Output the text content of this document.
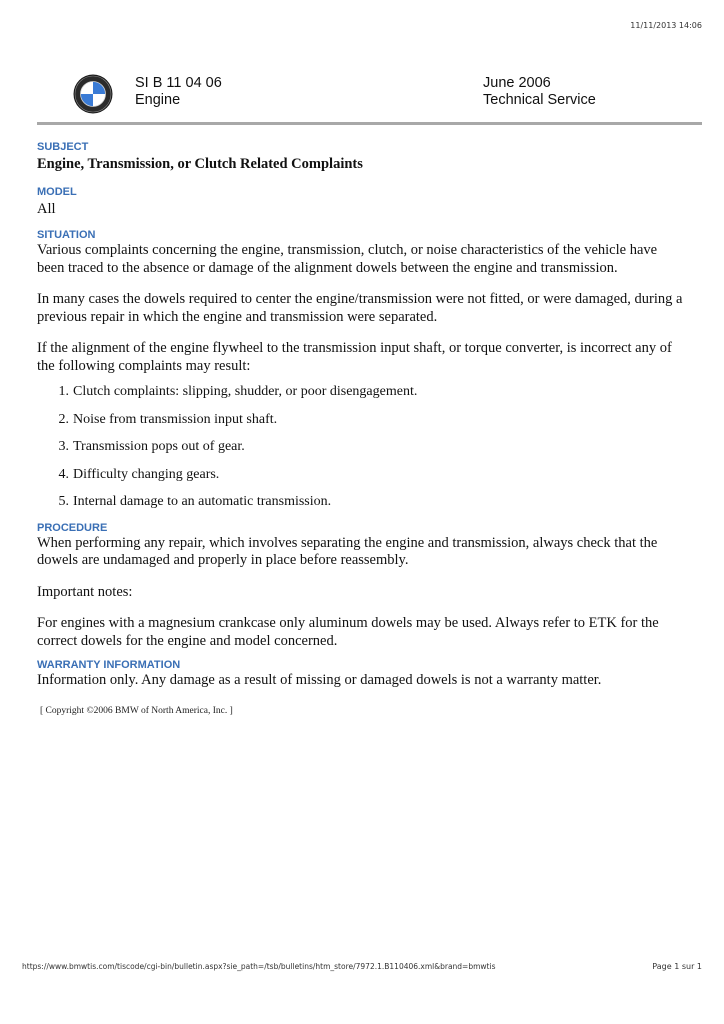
11/11/2013 14:06
SI B 11 04 06
Engine
June 2006
Technical Service

SUBJECT

Engine, Transmission, or Clutch Related Complaints

MODEL

All

SITUATION

Various complaints concerning the engine, transmission, clutch, or noise characteristics of the vehicle have been traced to the absence or damage of the alignment dowels between the engine and transmission.

In many cases the dowels required to center the engine/transmission were not fitted, or were damaged, during a previous repair in which the engine and transmission were separated.

If the alignment of the engine flywheel to the transmission input shaft, or torque converter, is incorrect any of the following complaints may result:

1. Clutch complaints: slipping, shudder, or poor disengagement.
2. Noise from transmission input shaft.
3. Transmission pops out of gear.
4. Difficulty changing gears.
5. Internal damage to an automatic transmission.

PROCEDURE

When performing any repair, which involves separating the engine and transmission, always check that the dowels are undamaged and properly in place before reassembly.

Important notes:

For engines with a magnesium crankcase only aluminum dowels may be used. Always refer to ETK for the correct dowels for the engine and model concerned.

WARRANTY INFORMATION

Information only. Any damage as a result of missing or damaged dowels is not a warranty matter.

[ Copyright ©2006 BMW of North America, Inc. ]

https://www.bmwtis.com/tiscode/cgi-bin/bulletin.aspx?sie_path=/tsb/bulletins/htm_store/7972.1.B110406.xml&brand=bmwtis	Page 1 sur 1
